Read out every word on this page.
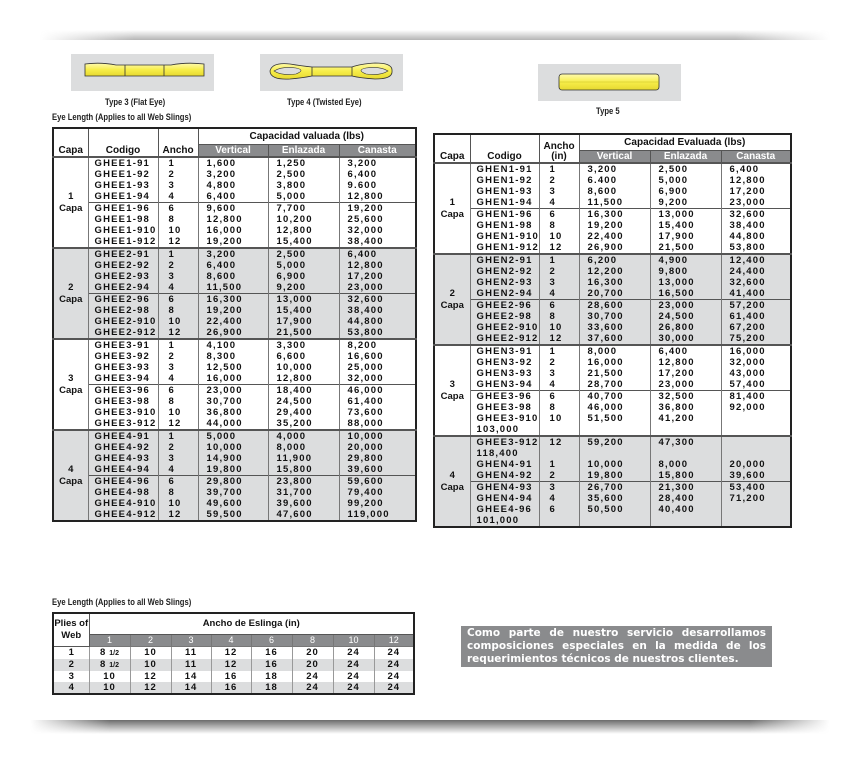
Type 3 (Flat Eye)	Type 4 (Twisted Eye)
Type 5
Eye Length (Applies to all Web Slings)
Capa	Codigo	Ancho	Capacidad valuada (lbs)		
			Vertical	Enlazada	Canasta
1
Capa	GHEE1-91	1	1,600	1,250	3,200
	GHEE1-92	2	3,200	2,500	6,400
	GHEE1-93	3	4,800	3,800	9.600
	GHEE1-94	4	6,400	5,000	12,800
	GHEE1-96	6	9,600	7,700	19,200
	GHEE1-98	8	12,800	10,200	25,600
	GHEE1-910	10	16,000	12,800	32,000
	GHEE1-912	12	19,200	15,400	38,400
2
Capa	GHEE2-91	1	3,200	2,500	6,400
	GHEE2-92	2	6,400	5,000	12,800
	GHEE2-93	3	8,600	6,900	17,200
	GHEE2-94	4	11,500	9,200	23,000
	GHEE2-96	6	16,300	13,000	32,600
	GHEE2-98	8	19,200	15,400	38,400
	GHEE2-910	10	22,400	17,900	44,800
	GHEE2-912	12	26,900	21,500	53,800
3
Capa	GHEE3-91	1	4,100	3,300	8,200
	GHEE3-92	2	8,300	6,600	16,600
	GHEE3-93	3	12,500	10,000	25,000
	GHEE3-94	4	16,000	12,800	32,000
	GHEE3-96	6	23,000	18,400	46,000
	GHEE3-98	8	30,700	24,500	61,400
	GHEE3-910	10	36,800	29,400	73,600
	GHEE3-912	12	44,000	35,200	88,000
4
Capa	GHEE4-91	1	5,000	4,000	10,000
	GHEE4-92	2	10,000	8,000	20,000
	GHEE4-93	3	14,900	11,900	29,800
	GHEE4-94	4	19,800	15,800	39,600
	GHEE4-96	6	29,800	23,800	59,600
	GHEE4-98	8	39,700	31,700	79,400
	GHEE4-910	10	49,600	39,600	99,200
	GHEE4-912	12	59,500	47,600	119,000
Capa	Codigo	Ancho
(in)	Capacidad Evaluada (lbs)		
			Vertical	Enlazada	Canasta
1
Capa	GHEN1-91	1	3,200	2,500	6,400
	GHEN1-92	2	6.400	5,000	12,800
	GHEN1-93	3	8,600	6,900	17,200
	GHEN1-94	4	11,500	9,200	23,000
	GHEN1-96	6	16,300	13,000	32,600
	GHEN1-98	8	19,200	15,400	38,400
	GHEN1-910	10	22,400	17,900	44,800
	GHEN1-912	12	26,900	21,500	53,800
2
Capa	GHEN2-91	1	6,200	4,900	12,400
	GHEN2-92	2	12,200	9,800	24,400
	GHEN2-93	3	16,300	13,000	32,600
	GHEN2-94	4	20,700	16,500	41,400
	GHEE2-96	6	28,600	23,000	57,200
	GHEE2-98	8	30,700	24,500	61,400
	GHEE2-910	10	33,600	26,800	67,200
	GHEE2-912	12	37,600	30,000	75,200
3
Capa	GHEN3-91	1	8,000	6,400	16,000
	GHEN3-92	2	16,000	12,800	32,000
	GHEN3-93	3	21,500	17,200	43,000
	GHEN3-94	4	28,700	23,000	57,400
	GHEE3-96	6	40,700	32,500	81,400
	GHEE3-98	8	46,000	36,800	92,000
	GHEE3-910	10	51,500	41,200	
	103,000				
4
Capa	GHEE3-912	12	59,200	47,300	
	118,400				
	GHEN4-91	1	10,000	8,000	20,000
	GHEN4-92	2	19,800	15,800	39,600
	GHEN4-93	3	26,700	21,300	53,400
	GHEN4-94	4	35,600	28,400	71,200
	GHEE4-96	6	50,500	40,400	
	101,000				
Eye Length (Applies to all Web Slings)
Plies of
Web	Ancho de Eslinga (in)							
	1	2	3	4	6	8	10	12
1	8 1/2	10	11	12	16	20	24	24
2	8 1/2	10	11	12	16	20	24	24
3	10	12	14	16	18	24	24	24
4	10	12	14	16	18	24	24	24
Como parte de nuestro servicio desarrollamos composiciones especiales en la medida de los requerimientos técnicos de nuestros clientes.
